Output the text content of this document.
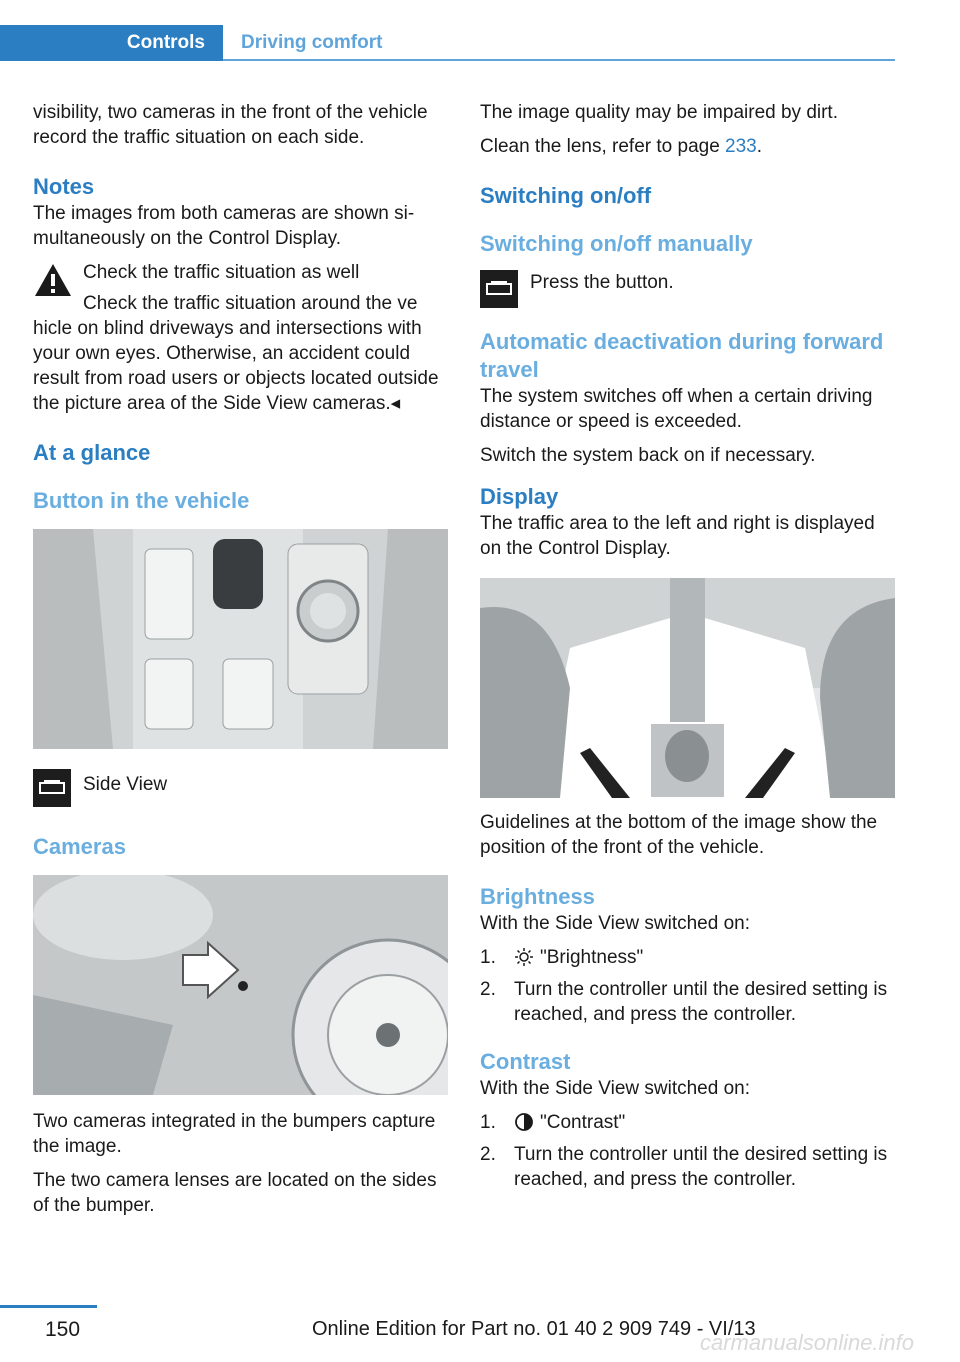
Controls	Driving comfort

visibility, two cameras in the front of the vehicle record the traffic situation on each side.

Notes

The images from both cameras are shown simultaneously on the Control Display.

Check the traffic situation as well

Check the traffic situation around the ve

hicle on blind driveways and intersections with your own eyes. Otherwise, an accident could result from road users or objects located outside the picture area of the Side View cameras.◂

At a glance
Button in the vehicle

Side View

Cameras

Two cameras integrated in the bumpers capture the image.

The two camera lenses are located on the sides of the bumper.

The image quality may be impaired by dirt.

Clean the lens, refer to page 233.

Switching on/off
Switching on/off manually

Press the button.

Automatic deactivation during forward travel

The system switches off when a certain driving distance or speed is exceeded.

Switch the system back on if necessary.

Display

The traffic area to the left and right is displayed on the Control Display.

Guidelines at the bottom of the image show the position of the front of the vehicle.

Brightness

With the Side View switched on:

1. "Brightness"
2. Turn the controller until the desired setting is reached, and press the controller.
Contrast

With the Side View switched on:

1. "Contrast"
2. Turn the controller until the desired setting is reached, and press the controller.
150	Online Edition for Part no. 01 40 2 909 749 - VI/13
carmanualsonline.info
